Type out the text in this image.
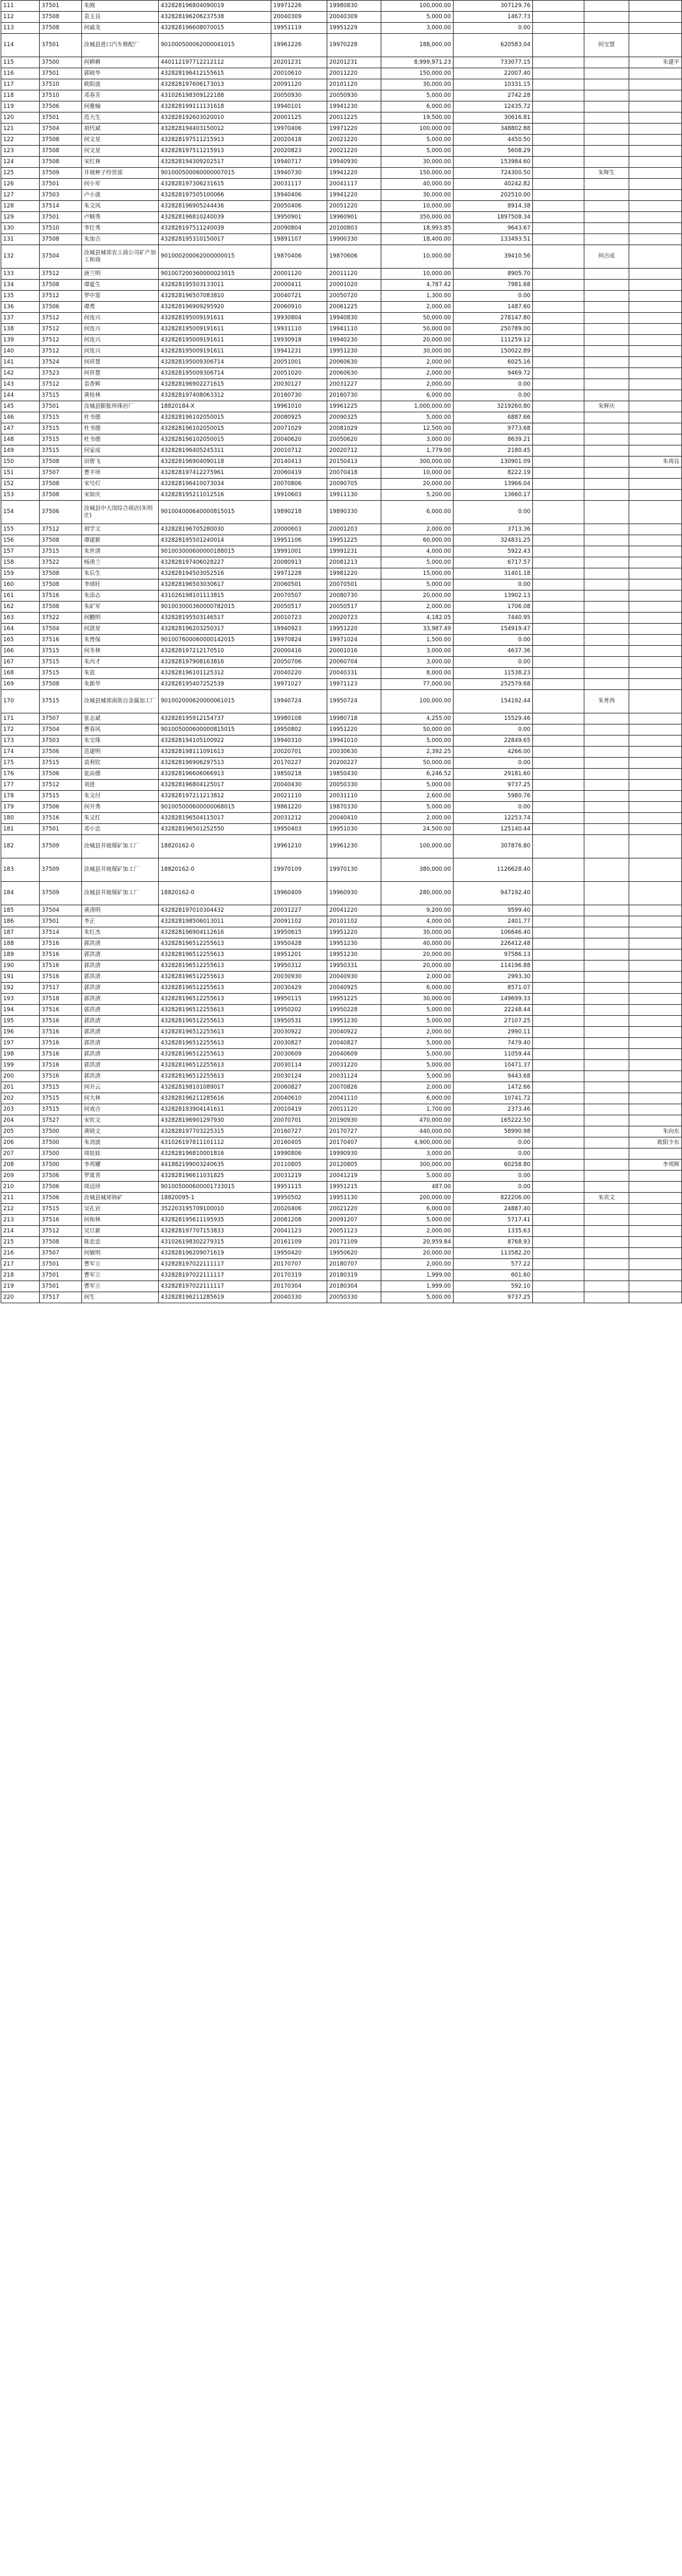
111	37501	朱刚	432828196804090019	19971226	19980830	100,000.00	307129.76			
112	37508	袁玉良	432828196206237538	20040309	20040309	5,000.00	1467.73			
113	37508	何戚龙	432828196608070015	19951119	19951229	3,000.00	0.00			
114	37501	汝城县进口汽车修配厂	901000500062000041015	19961226	19970228	188,000.00	620583.04		何宝慧	
115	37500	何耕耕	440112197712212112	20201231	20201231	8,999,971.23	733077.15			朱建平
116	37501	郭晓华	432828196412155615	20010610	20011220	150,000.00	22007.40			
117	37510	欧阳波	432828197606173013	20091120	20101120	30,000.00	10331.15			
118	37510	邓春芳	431026198309122188	20050930	20050930	5,000.00	2742.28			
119	37506	何雅翰	432828199111131618	19940101	19941230	6,000.00	12435.72			
120	37501	范大生	432828192603020010	20001125	20011225	19,500.00	30616.81			
121	37504	胡代斌	432828194403150012	19970406	19971220	100,000.00	348802.88			
122	37508	何文星	432828197511215913	20020418	20021220	5,000.00	4450.50			
123	37508	何文星	432828197511215913	20020823	20021220	5,000.00	5608.29			
124	37508	宋红林	432828194309202517	19940717	19940930	30,000.00	153984.60			
125	37509	井坡种子经营部	901000500060000007015	19940730	19941220	150,000.00	724300.50		朱辉生	
126	37501	何小军	432828197306231615	20031117	20041117	40,000.00	40242.82			
127	37503	卢小波	432828197505100066	19940406	19941220	30,000.00	202510.00			
128	37514	朱文风	432828196905244436	20050406	20051220	10,000.00	8914.38			
129	37501	卢顺秀	432828196810240039	19950901	19960901	350,000.00	1897508.34			
130	37510	李壮秀	432828197511240039	20090804	20100803	18,993.85	9643.67			
131	37508	朱加吉	432828195310150017	19891107	19900330	18,400.00	133493.51			
132	37504	汝城县城郊农工商公司矿产加工和商	901000200062000000015	19870406	19870606	10,000.00	39410.56		何吉成	
133	37512	唐兰明	901007200360000023015	20001120	20011120	10,000.00	8905.70			
134	37508	谭夏生	432828195503133011	20000411	20001020	4,787.42	7981.68			
135	37512	罗中富	432828196507083810	20040721	20050720	1,300.00	0.00			
136	37506	谭勇	432828196909295920	20060910	20061225	2,000.00	1487.60			
137	37512	何连兴	432828195009191611	19930804	19940830	50,000.00	278147.80			
138	37512	何连兴	432828195009191611	19931110	19941110	50,000.00	250789.00			
139	37512	何连兴	432828195009191611	19930918	19940230	20,000.00	111259.12			
140	37512	何连兴	432828195009191611	19941231	19951230	30,000.00	150022.89			
141	37524	何祥慧	432828195009306714	20051001	20060630	2,000.00	6025.16			
142	37523	何祥慧	432828195009306714	20051020	20060630	2,000.00	9469.72			
143	37512	袁香辉	432828196902271615	20030127	20031227	2,000.00	0.00			
144	37515	黄桂林	432828197408063312	20160730	20160730	6,000.00	0.00			
145	37501	汝城县膨胀珍珠岩厂	18820184-X	19961010	19961225	1,000,000.00	3219260.80		朱辉庆	
146	37515	杜书德	432828196102050015	20080925	20090325	5,000.00	6887.66			
147	37515	杜书德	432828196102050015	20071029	20081029	12,500.00	9773.68			
148	37515	杜书德	432828196102050015	20040620	20050620	3,000.00	8639.21			
149	37515	何家成	432828196405245311	20010712	20020712	1,779.00	2180.45			
150	37508	田智飞	432828196904090118	20140413	20150413	300,000.00	130901.09			朱周良
151	37507	曹平珍	432828197412275961	20060419	20070418	10,000.00	8222.19			
152	37508	宋号灯	432828196410073034	20070806	20090705	20,000.00	13966.04			
153	37508	宋如庆	432828195211012516	19910603	19911130	5,200.00	13660.17			
154	37506	汝城县中大岗综合商店(朱明庄)	901004000640000815015	19890218	19890330	6,000.00	0.00			
155	37512	胡学文	432828196705280030	20000603	20001203	2,000.00	3713.36			
156	37508	谭建新	432828195501240014	19951106	19951225	60,000.00	324831.25			
157	37515	朱世清	901003000600000188015	19991001	19991231	4,000.00	5922.43			
158	37522	杨清兰	432828197406028227	20080913	20081213	5,000.00	6717.57			
159	37508	朱后生	432828194503052516	19971228	19981220	15,000.00	31401.18			
160	37508	李颂旺	432828196503030617	20060501	20070501	5,000.00	0.00			
161	37516	朱添志	431026198101113815	20070507	20080730	20,000.00	13902.13			
162	37508	朱矿军	901003000360000782015	20050517	20050517	2,000.00	1706.08			
163	37522	何鹏明	432828195503146517	20010723	20020723	4,182.05	7440.95			
164	37504	何款星	432828196203250317	19940923	19951220	33,987.49	154919.47			
165	37516	朱胥保	901007600060000142015	19970824	19971024	1,500.00	0.00			
166	37515	何冬林	432828197212170510	20000416	20001016	3,000.00	4637.36			
167	37515	朱丙才	432828197908163816	20050706	20060704	3,000.00	0.00			
168	37515	朱富	432828196101125312	20040220	20040331	8,000.00	11538.23			
169	37508	朱新华	432828195407252539	19971027	19971123	77,000.00	252579.68			
170	37515	汝城县城郊南街自金属加工厂	901002000620000061015	19940724	19950724	100,000.00	154192.44		朱育西	
171	37507	张志斌	432828195912154737	19980108	19980718	4,255.00	15529.46			
172	37504	曹春风	901005000600000815015	19950802	19951220	50,000.00	0.00			
173	37503	朱宝珠	432828194105100922	19940310	19941010	5,000.00	22849.65			
174	37506	范建明	432828198111091613	20020701	20030630	2,392.25	4266.00			
175	37515	袁利钦	432828196906297513	20170227	20200227	50,000.00	0.00			
176	37506	张由德	432828196606066913	19850218	19850430	6,246.52	29181.60			
177	37512	刘进	432828196804125017	20040430	20050330	5,000.00	9737.25			
178	37515	朱文付	432828197211213812	20021110	20031110	2,600.00	5980.76			
179	37506	何开秀	901005000600000068015	19861220	19870330	5,000.00	0.00			
180	37516	朱又红	432828196504115017	20031212	20040410	2,000.00	12253.74			
181	37501	邓小忠	432828196501252550	19950403	19951030	24,500.00	125140.44			
182	37509	汝城县井坡煤矿加工厂	18820162-0	19961210	19961230	100,000.00	307876.80			
183	37509	汝城县井坡煤矿加工厂	18820162-0	19970109	19970130	380,000.00	1126628.40			
184	37509	汝城县井坡煤矿加工厂	18820162-0	19960409	19960930	280,000.00	947192.40			
185	37504	黄清明	432828197010304432	20031227	20041220	9,200.00	9599.40			
186	37501	李正	432828198506013011	20091102	20101102	4,000.00	2401.77			
187	37514	朱红杰	432828196904112616	19950615	19951220	30,000.00	106646.40			
188	37516	郭洪清	432828196512255613	19950428	19951230	40,000.00	226412.48			
189	37516	郭洪清	432828196512255613	19951201	19951230	20,000.00	97586.13			
190	37516	郭洪清	432828196512255613	19950312	19950331	20,000.00	114196.88			
191	37516	郭洪清	432828196512255613	20030930	20040930	2,000.00	2993.30			
192	37517	郭洪清	432828196512255613	20030429	20040925	6,000.00	8571.07			
193	37518	郭洪清	432828196512255613	19950115	19951225	30,000.00	149699.33			
194	37516	郭洪清	432828196512255613	19950202	19950228	5,000.00	22248.44			
195	37516	郭洪清	432828196512255613	19950531	19951230	5,000.00	27107.25			
196	37516	郭洪清	432828196512255613	20030922	20040922	2,000.00	2990.11			
197	37516	郭洪清	432828196512255613	20030827	20040827	5,000.00	7479.40			
198	37516	郭洪清	432828196512255613	20030609	20040609	5,000.00	11059.44			
199	37516	郭洪清	432828196512255613	20030114	20031220	5,000.00	10471.37			
200	37516	郭洪清	432828196512255613	20030124	20031124	5,000.00	9443.68			
201	37515	何开云	432828198101089017	20060827	20070826	2,000.00	1472.66			
202	37515	何大林	432828196211285616	20040610	20041110	6,000.00	10741.72			
203	37515	何戏吉	432828193904141611	20010419	20011120	1,700.00	2373.46			
204	37527	宋钦文	432828196901297930	20070701	20190930	470,000.00	165222.50			
205	37500	黄晓文	432828197703225315	20160727	20170727	440,000.00	58990.98			朱向东
206	37500	朱剑波	431026197811101112	20160405	20170407	4,900,000.00	0.00			欧阳少东
207	37500	周娃娃	432828196810001816	19990806	19990930	3,000.00	0.00			
208	37500	李邦耀	441882199003240635	20110805	20120805	300,000.00	60258.80			李邦辉
209	37506	罗寓青	432828196611031825	20031219	20041219	5,000.00	0.00			
210	37506	周迈珍	901005000600001733015	19951115	19951215	487.00	0.00			
211	37506	汝城县城郊铸矿	18820095-1	19950502	19951130	200,000.00	822206.00		朱宾文	
212	37515	吴孔岩	352203195709100010	20020406	20021220	6,000.00	24887.40			
213	37516	何和林	432828195611195935	20081208	20091207	5,000.00	5717.41			
214	37512	吴旦新	432828197707153833	20041123	20051123	2,000.00	1335.63			
215	37508	陈忠忠	431026198302279315	20161109	20171109	20,959.84	8768.93			
216	37507	何敏明	432828196209071619	19950420	19950620	20,000.00	113582.20			
217	37501	曹军立	432828197022111117	20170707	20180707	2,000.00	577.22			
218	37501	曹军立	432828197022111117	20170319	20180319	1,999.00	601.60			
219	37501	曹军立	432828197022111117	20170304	20180304	1,999.00	592.10			
220	37517	何生	432828196211285619	20040330	20050330	5,000.00	9737.25			
